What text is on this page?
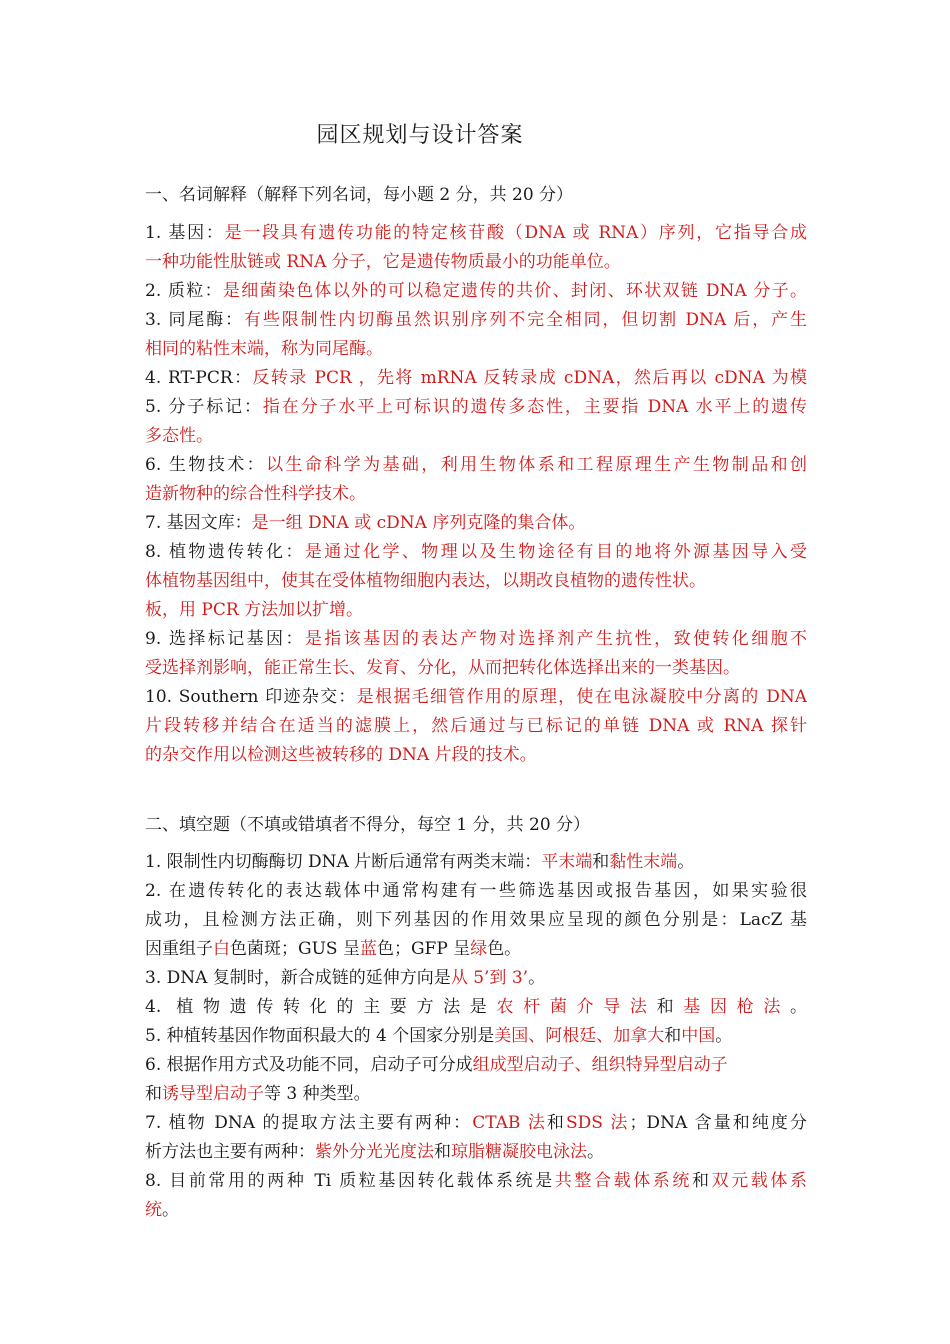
园区规划与设计答案
一、名词解释（解释下列名词，每小题 2 分，共 20 分）
1. 基因：是一段具有遗传功能的特定核苷酸（DNA 或 RNA）序列，它指导合成
一种功能性肽链或 RNA 分子，它是遗传物质最小的功能单位。
2. 质粒：是细菌染色体以外的可以稳定遗传的共价、封闭、环状双链 DNA 分子。
3. 同尾酶：有些限制性内切酶虽然识别序列不完全相同，但切割 DNA 后，产生
相同的粘性末端，称为同尾酶。
4. RT-PCR：反转录 PCR ，先将 mRNA 反转录成 cDNA，然后再以 cDNA 为模
5. 分子标记：指在分子水平上可标识的遗传多态性，主要指 DNA 水平上的遗传
多态性。
6. 生物技术：以生命科学为基础，利用生物体系和工程原理生产生物制品和创
造新物种的综合性科学技术。
7. 基因文库：是一组 DNA 或 cDNA 序列克隆的集合体。
8. 植物遗传转化：是通过化学、物理以及生物途径有目的地将外源基因导入受
体植物基因组中，使其在受体植物细胞内表达，以期改良植物的遗传性状。
板，用 PCR 方法加以扩增。
9. 选择标记基因：是指该基因的表达产物对选择剂产生抗性，致使转化细胞不
受选择剂影响，能正常生长、发育、分化，从而把转化体选择出来的一类基因。
10. Southern 印迹杂交：是根据毛细管作用的原理，使在电泳凝胶中分离的 DNA
片段转移并结合在适当的滤膜上，然后通过与已标记的单链 DNA 或 RNA 探针
的杂交作用以检测这些被转移的 DNA 片段的技术。
二、填空题（不填或错填者不得分，每空 1 分，共 20 分）
1. 限制性内切酶酶切 DNA 片断后通常有两类末端：平末端和黏性末端。
2. 在遗传转化的表达载体中通常构建有一些筛选基因或报告基因，如果实验很
成功，且检测方法正确，则下列基因的作用效果应呈现的颜色分别是：LacZ 基
因重组子白色菌斑；GUS 呈蓝色；GFP 呈绿色。
3. DNA 复制时，新合成链的延伸方向是从 5’到 3’。
4. 植物遗传转化的主要方法是农杆菌介导法和基因枪法。
5. 种植转基因作物面积最大的 4 个国家分别是美国、阿根廷、加拿大和中国。
6. 根据作用方式及功能不同，启动子可分成组成型启动子、组织特异型启动子
和诱导型启动子等 3 种类型。
7. 植物 DNA 的提取方法主要有两种：CTAB 法和SDS 法；DNA 含量和纯度分
析方法也主要有两种：紫外分光光度法和琼脂糖凝胶电泳法。
8. 目前常用的两种 Ti 质粒基因转化载体系统是共整合载体系统和双元载体系
统。
